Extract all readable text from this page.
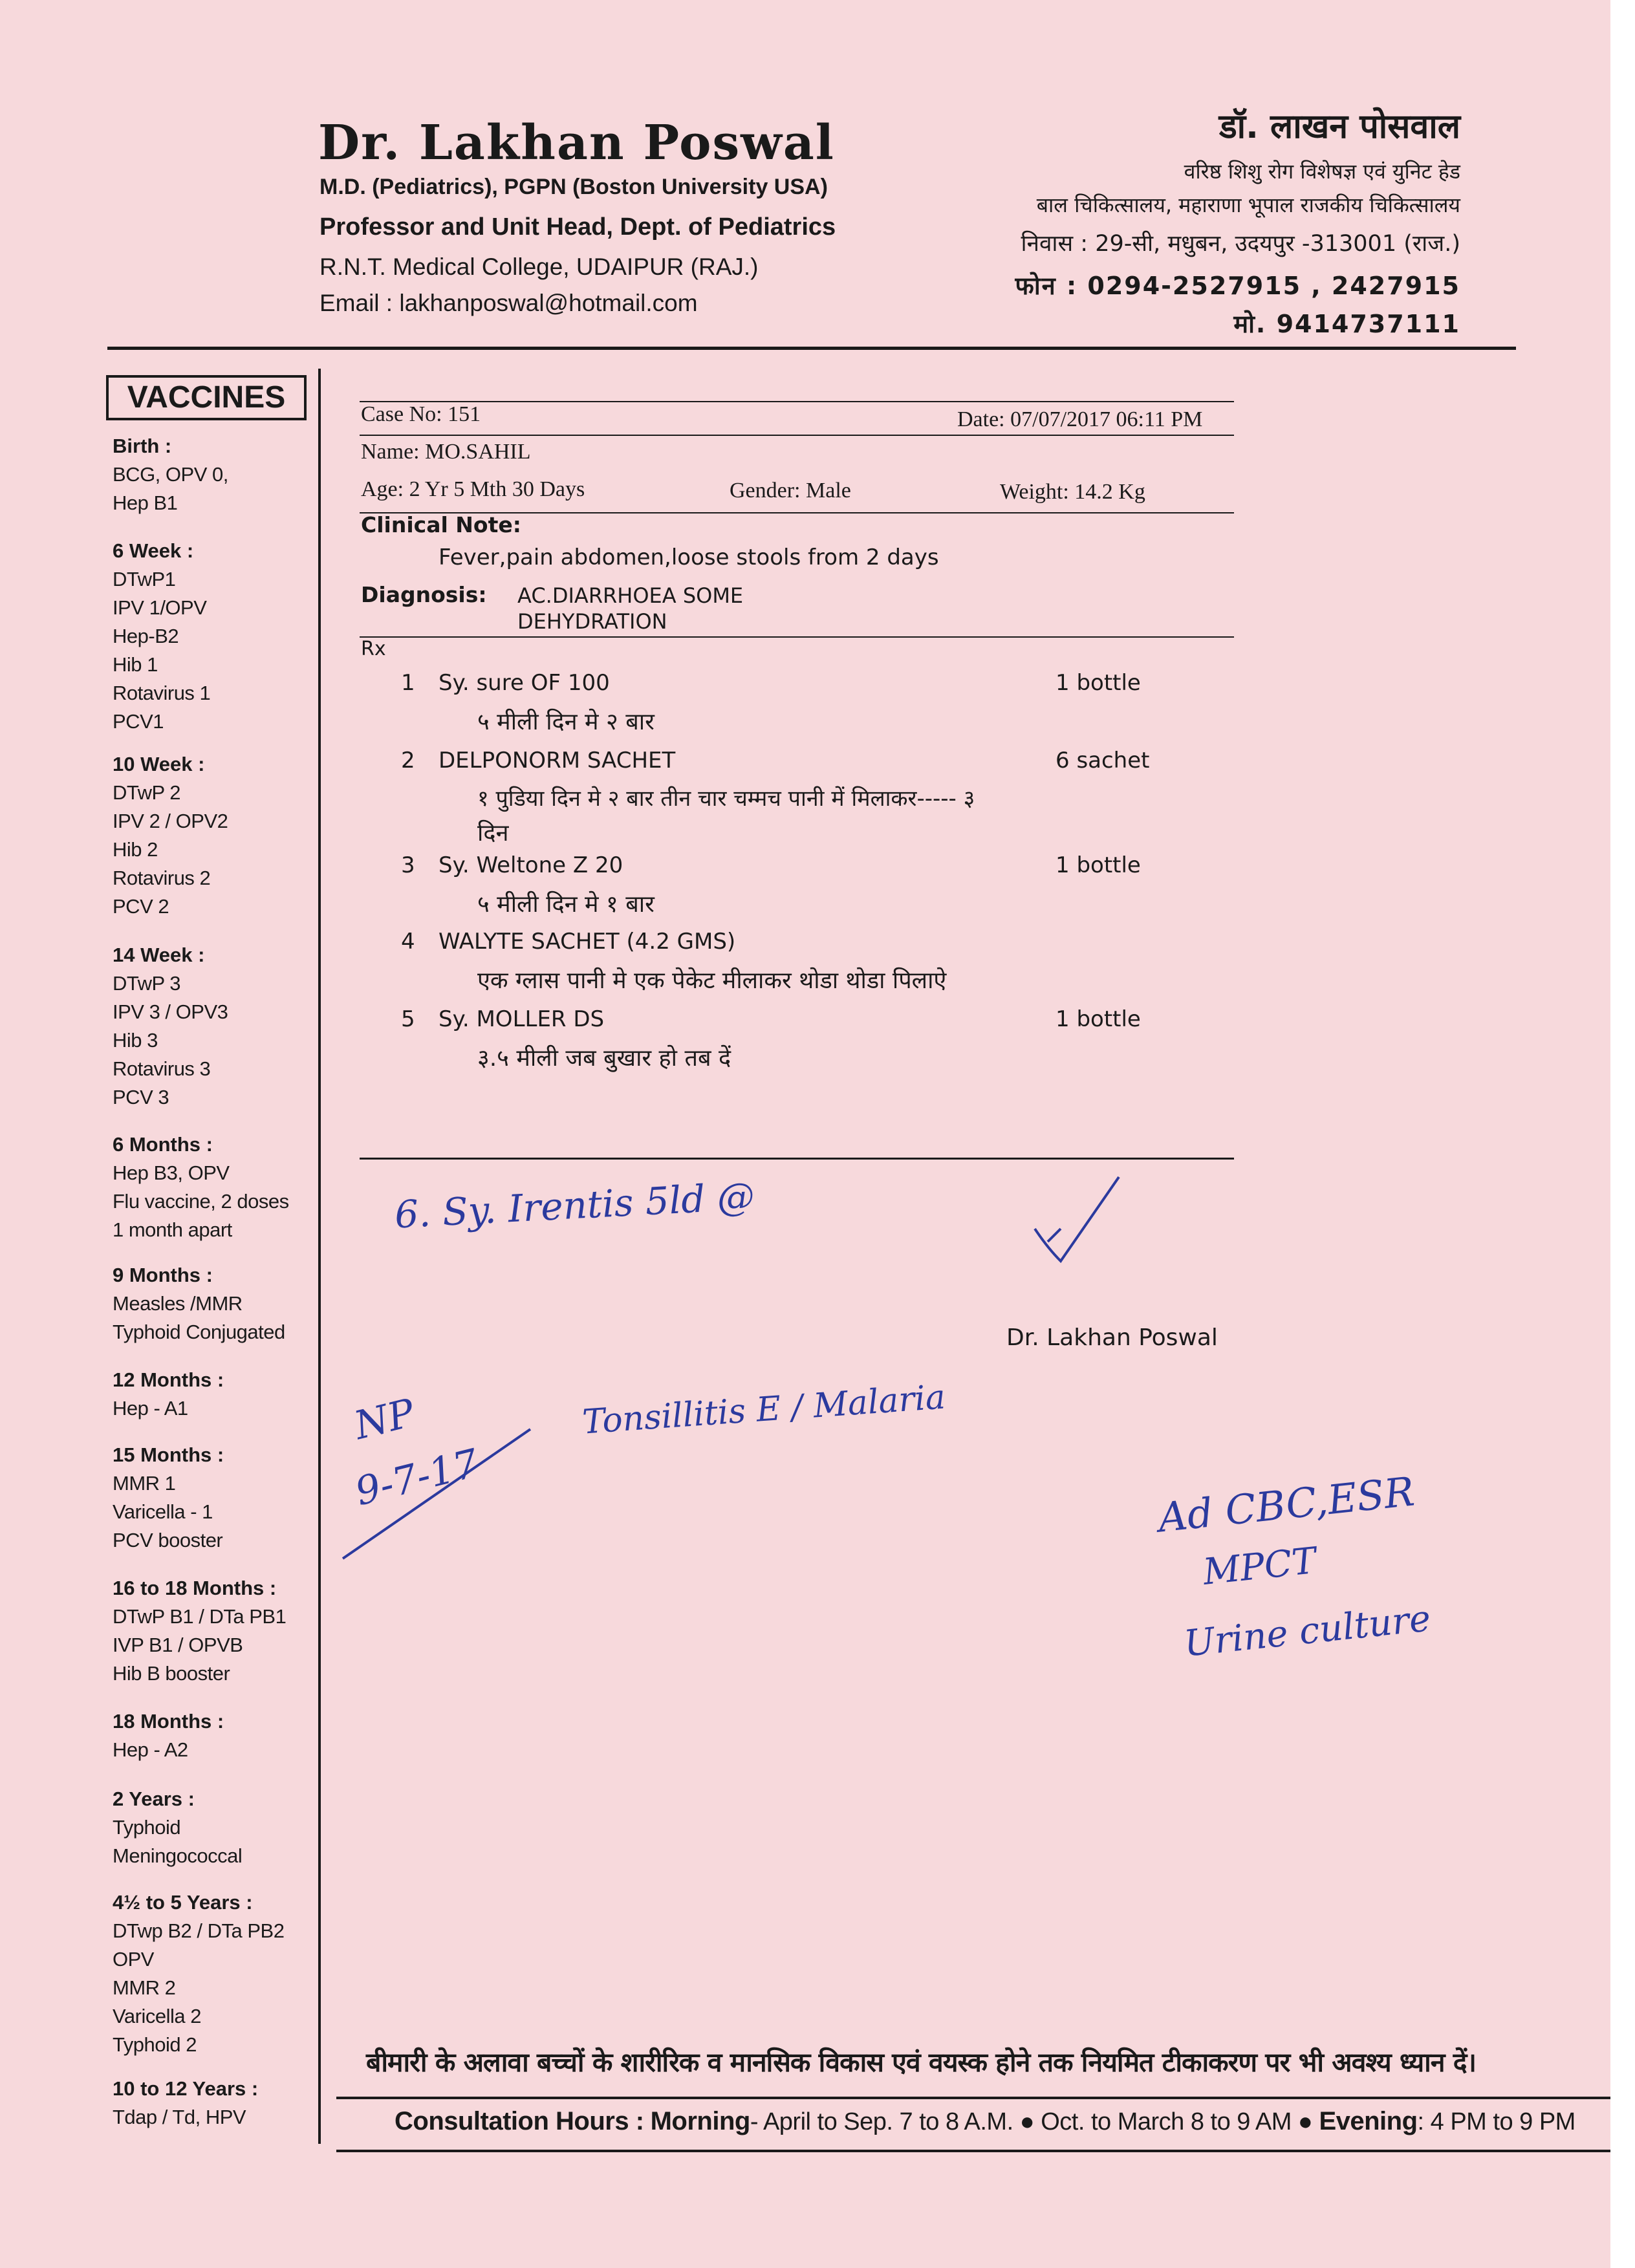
Dr. Lakhan Poswal
M.D. (Pediatrics), PGPN (Boston University USA)
Professor and Unit Head, Dept. of Pediatrics
R.N.T. Medical College, UDAIPUR (RAJ.)
Email : lakhanposwal@hotmail.com
डॉ. लाखन पोसवाल
वरिष्ठ शिशु रोग विशेषज्ञ एवं युनिट हेड
बाल चिकित्सालय, महाराणा भूपाल राजकीय चिकित्सालय
निवास : 29-सी, मधुबन, उदयपुर -313001 (राज.)
फोन : 0294-2527915 , 2427915
मो. 9414737111
VACCINES
Birth :
BCG, OPV 0,
Hep B1
6 Week :
DTwP1
IPV 1/OPV
Hep-B2
Hib 1
Rotavirus 1
PCV1
10 Week :
DTwP 2
IPV 2 / OPV2
Hib 2
Rotavirus 2
PCV 2
14 Week :
DTwP 3
IPV 3 / OPV3
Hib 3
Rotavirus 3
PCV 3
6 Months :
Hep B3, OPV
Flu vaccine, 2 doses
1 month apart
9 Months :
Measles /MMR
Typhoid Conjugated
12 Months :
Hep - A1
15 Months :
MMR 1
Varicella - 1
PCV booster
16 to 18 Months :
DTwP B1 / DTa PB1
IVP B1 / OPVB
Hib B booster
18 Months :
Hep - A2
2 Years :
Typhoid
Meningococcal
4½ to 5 Years :
DTwp B2 / DTa PB2
OPV
MMR 2
Varicella 2
Typhoid 2
10 to 12 Years :
Tdap / Td, HPV
Case No: 151	Date: 07/07/2017 06:11 PM
Name: MO.SAHIL
Age: 2 Yr 5 Mth 30 Days	Gender: Male	Weight: 14.2 Kg
Clinical Note:
Fever,pain abdomen,loose stools from 2 days
Diagnosis: AC.DIARRHOEA SOME
DEHYDRATION
Rx
1 Sy. sure OF 100	1 bottle
५ मीली दिन मे २ बार
2 DELPONORM SACHET	6 sachet
१ पुडिया दिन मे २ बार तीन चार चम्मच पानी में मिलाकर----- ३
दिन
3 Sy. Weltone Z 20	1 bottle
५ मीली दिन मे १ बार
4 WALYTE SACHET (4.2 GMS)
एक ग्लास पानी मे एक पेकेट मीलाकर थोडा थोडा पिलाऐ
5 Sy. MOLLER DS	1 bottle
३.५ मीली जब बुखार हो तब दें
6. Sy. Irentis 5ld @
Dr. Lakhan Poswal
NP
9-7-17
Tonsillitis E / Malaria
Ad CBC,ESR
MPCT
Urine culture
बीमारी के अलावा बच्चों के शारीरिक व मानसिक विकास एवं वयस्क होने तक नियमित टीकाकरण पर भी अवश्य ध्यान दें।
Consultation Hours : Morning- April to Sep. 7 to 8 A.M. ● Oct. to March 8 to 9 AM ● Evening: 4 PM to 9 PM
